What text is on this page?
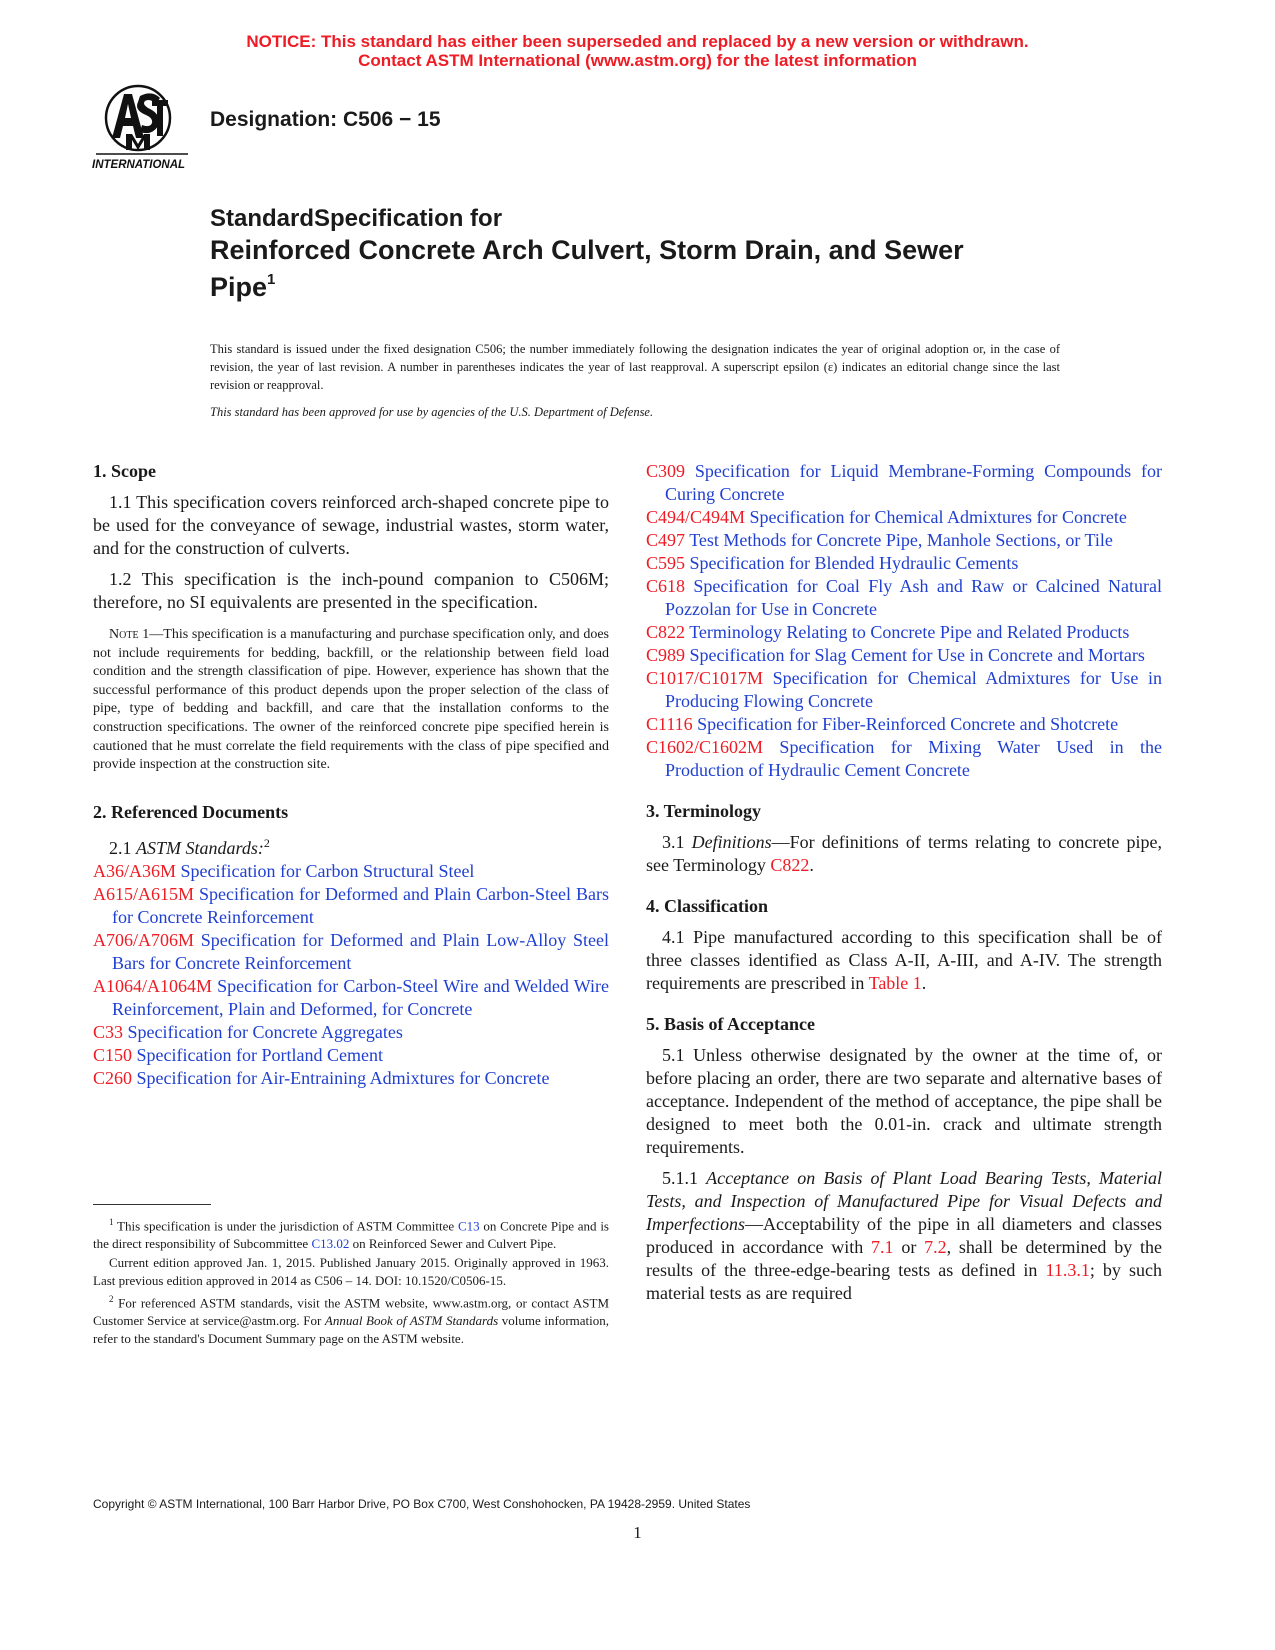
NOTICE: This standard has either been superseded and replaced by a new version or withdrawn.
Contact ASTM International (www.astm.org) for the latest information
INTERNATIONAL
Designation: C506 − 15
StandardSpecification for
Reinforced Concrete Arch Culvert, Storm Drain, and Sewer
Pipe$^1$
This standard is issued under the fixed designation C506; the number immediately following the designation indicates the year of original adoption or, in the case of revision, the year of last revision. A number in parentheses indicates the year of last reapproval. A superscript epsilon (ε) indicates an editorial change since the last revision or reapproval.
This standard has been approved for use by agencies of the U.S. Department of Defense.
1. Scope

1.1 This specification covers reinforced arch-shaped concrete pipe to be used for the conveyance of sewage, industrial wastes, storm water, and for the construction of culverts.

1.2 This specification is the inch-pound companion to C506M; therefore, no SI equivalents are presented in the specification.

Note 1—This specification is a manufacturing and purchase specification only, and does not include requirements for bedding, backfill, or the relationship between field load condition and the strength classification of pipe. However, experience has shown that the successful performance of this product depends upon the proper selection of the class of pipe, type of bedding and backfill, and care that the installation conforms to the construction specifications. The owner of the reinforced concrete pipe specified herein is cautioned that he must correlate the field requirements with the class of pipe specified and provide inspection at the construction site.
2. Referenced Documents

2.1 ASTM Standards:$^2$

A36/A36M Specification for Carbon Structural Steel
A615/A615M Specification for Deformed and Plain Carbon-Steel Bars for Concrete Reinforcement
A706/A706M Specification for Deformed and Plain Low-Alloy Steel Bars for Concrete Reinforcement
A1064/A1064M Specification for Carbon-Steel Wire and Welded Wire Reinforcement, Plain and Deformed, for Concrete
C33 Specification for Concrete Aggregates
C150 Specification for Portland Cement
C260 Specification for Air-Entraining Admixtures for Concrete
C309 Specification for Liquid Membrane-Forming Compounds for Curing Concrete
C494/C494M Specification for Chemical Admixtures for Concrete
C497 Test Methods for Concrete Pipe, Manhole Sections, or Tile
C595 Specification for Blended Hydraulic Cements
C618 Specification for Coal Fly Ash and Raw or Calcined Natural Pozzolan for Use in Concrete
C822 Terminology Relating to Concrete Pipe and Related Products
C989 Specification for Slag Cement for Use in Concrete and Mortars
C1017/C1017M Specification for Chemical Admixtures for Use in Producing Flowing Concrete
C1116 Specification for Fiber-Reinforced Concrete and Shotcrete
C1602/C1602M Specification for Mixing Water Used in the Production of Hydraulic Cement Concrete
3. Terminology

3.1 Definitions—For definitions of terms relating to concrete pipe, see Terminology C822.

4. Classification

4.1 Pipe manufactured according to this specification shall be of three classes identified as Class A-II, A-III, and A-IV. The strength requirements are prescribed in Table 1.

5. Basis of Acceptance

5.1 Unless otherwise designated by the owner at the time of, or before placing an order, there are two separate and alternative bases of acceptance. Independent of the method of acceptance, the pipe shall be designed to meet both the 0.01-in. crack and ultimate strength requirements.

5.1.1 Acceptance on Basis of Plant Load Bearing Tests, Material Tests, and Inspection of Manufactured Pipe for Visual Defects and Imperfections—Acceptability of the pipe in all diameters and classes produced in accordance with 7.1 or 7.2, shall be determined by the results of the three-edge-bearing tests as defined in 11.3.1; by such material tests as are required

$^1$ This specification is under the jurisdiction of ASTM Committee C13 on Concrete Pipe and is the direct responsibility of Subcommittee C13.02 on Reinforced Sewer and Culvert Pipe.

Current edition approved Jan. 1, 2015. Published January 2015. Originally approved in 1963. Last previous edition approved in 2014 as C506 – 14. DOI: 10.1520/C0506-15.

$^2$ For referenced ASTM standards, visit the ASTM website, www.astm.org, or contact ASTM Customer Service at service@astm.org. For Annual Book of ASTM Standards volume information, refer to the standard's Document Summary page on the ASTM website.

Copyright © ASTM International, 100 Barr Harbor Drive, PO Box C700, West Conshohocken, PA 19428-2959. United States
1
